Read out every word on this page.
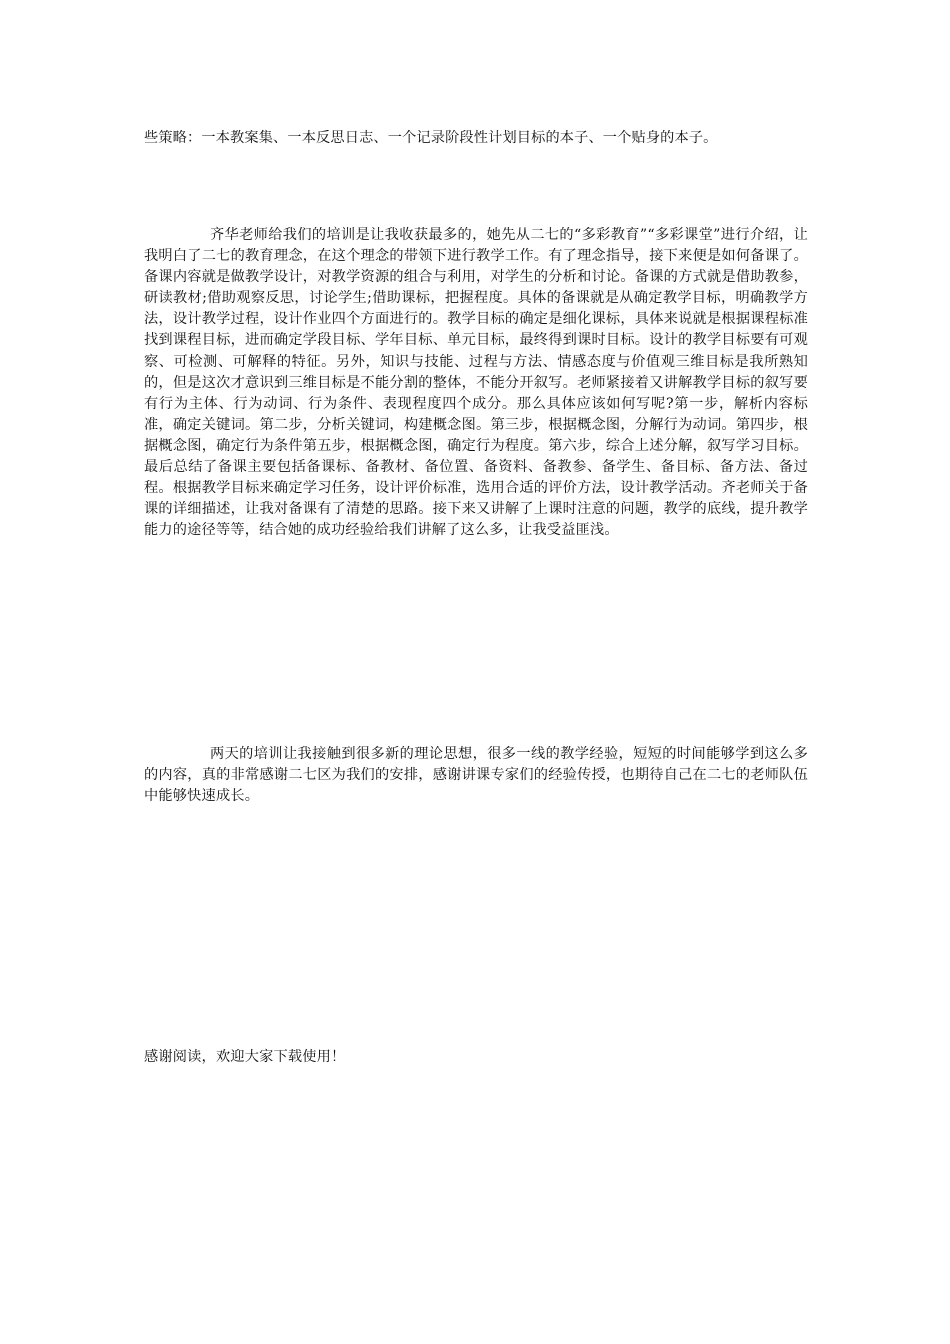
些策略：一本教案集、一本反思日志、一个记录阶段性计划目标的本子、一个贴身的本子。

齐华老师给我们的培训是让我收获最多的，她先从二七的“多彩教育”“多彩课堂”进行介绍，让我明白了二七的教育理念，在这个理念的带领下进行教学工作。有了理念指导，接下来便是如何备课了。备课内容就是做教学设计，对教学资源的组合与利用，对学生的分析和讨论。备课的方式就是借助教参，研读教材;借助观察反思，讨论学生;借助课标，把握程度。具体的备课就是从确定教学目标，明确教学方法，设计教学过程，设计作业四个方面进行的。教学目标的确定是细化课标，具体来说就是根据课程标准找到课程目标，进而确定学段目标、学年目标、单元目标，最终得到课时目标。设计的教学目标要有可观察、可检测、可解释的特征。另外，知识与技能、过程与方法、情感态度与价值观三维目标是我所熟知的，但是这次才意识到三维目标是不能分割的整体，不能分开叙写。老师紧接着又讲解教学目标的叙写要有行为主体、行为动词、行为条件、表现程度四个成分。那么具体应该如何写呢?第一步，解析内容标准，确定关键词。第二步，分析关键词，构建概念图。第三步，根据概念图，分解行为动词。第四步，根据概念图，确定行为条件第五步，根据概念图，确定行为程度。第六步，综合上述分解，叙写学习目标。最后总结了备课主要包括备课标、备教材、备位置、备资料、备教参、备学生、备目标、备方法、备过程。根据教学目标来确定学习任务，设计评价标准，选用合适的评价方法，设计教学活动。齐老师关于备课的详细描述，让我对备课有了清楚的思路。接下来又讲解了上课时注意的问题，教学的底线，提升教学能力的途径等等，结合她的成功经验给我们讲解了这么多，让我受益匪浅。

两天的培训让我接触到很多新的理论思想，很多一线的教学经验，短短的时间能够学到这么多的内容，真的非常感谢二七区为我们的安排，感谢讲课专家们的经验传授，也期待自己在二七的老师队伍中能够快速成长。

感谢阅读，欢迎大家下载使用！
